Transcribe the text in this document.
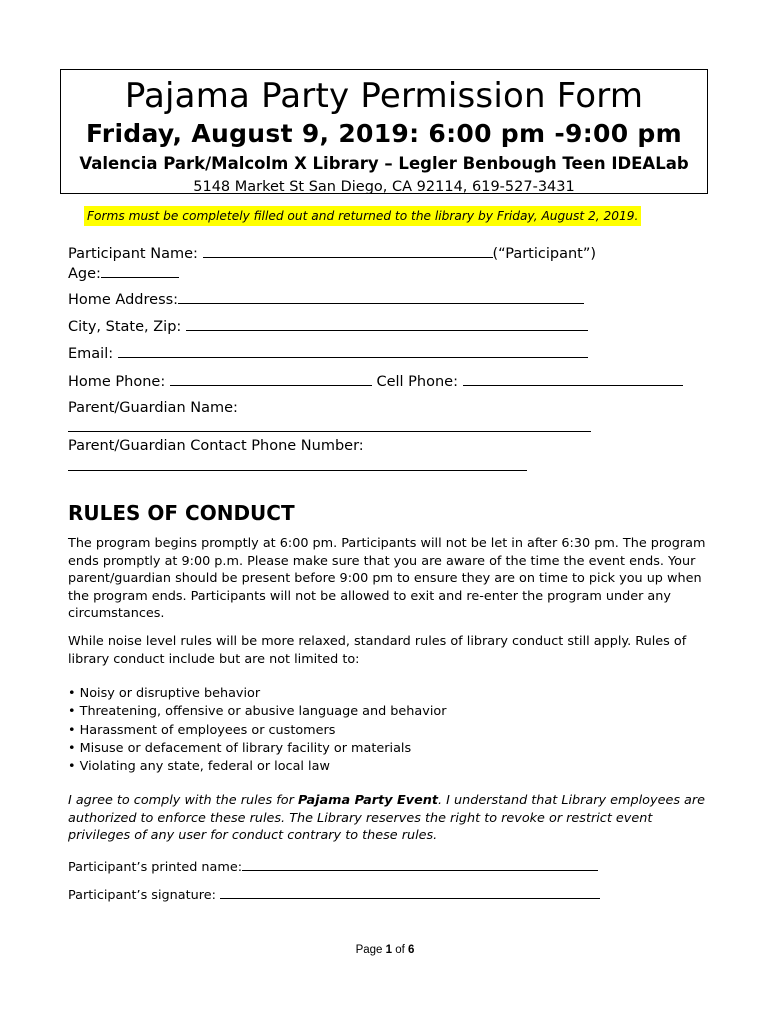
Pajama Party Permission Form
Friday, August 9, 2019: 6:00 pm -9:00 pm
Valencia Park/Malcolm X Library – Legler Benbough Teen IDEALab
5148 Market St San Diego, CA 92114, 619-527-3431
Forms must be completely filled out and returned to the library by Friday, August 2, 2019.
Participant Name:	(“Participant”)
Age:
Home Address:
City, State, Zip:
Email:
Home Phone:	Cell Phone:
Parent/Guardian Name:
Parent/Guardian Contact Phone Number:
RULES OF CONDUCT

The program begins promptly at 6:00 pm. Participants will not be let in after 6:30 pm. The program ends promptly at 9:00 p.m. Please make sure that you are aware of the time the event ends. Your parent/guardian should be present before 9:00 pm to ensure they are on time to pick you up when the program ends. Participants will not be allowed to exit and re-enter the program under any circumstances.

While noise level rules will be more relaxed, standard rules of library conduct still apply. Rules of library conduct include but are not limited to:

• Noisy or disruptive behavior
• Threatening, offensive or abusive language and behavior
• Harassment of employees or customers
• Misuse or defacement of library facility or materials
• Violating any state, federal or local law

I agree to comply with the rules for Pajama Party Event. I understand that Library employees are authorized to enforce these rules. The Library reserves the right to revoke or restrict event privileges of any user for conduct contrary to these rules.

Participant’s printed name:
Participant’s signature:
Page 1 of 6
